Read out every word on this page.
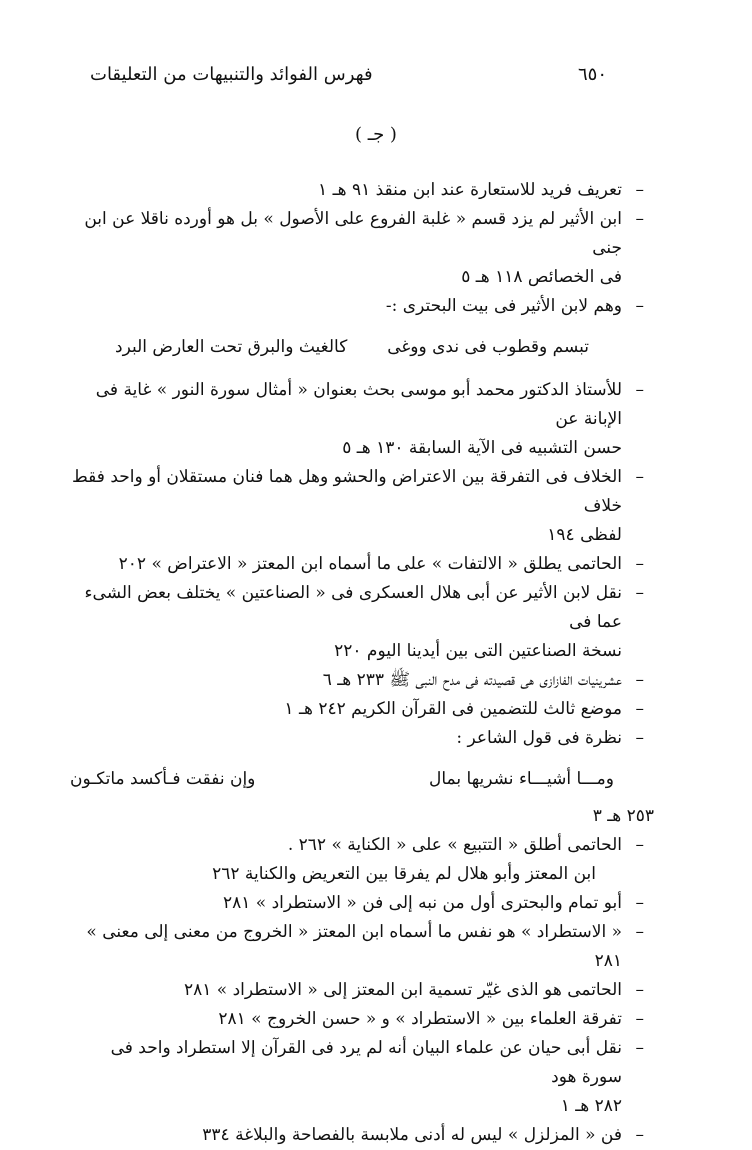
٦٥٠
فهرس الفوائد والتنبيهات من التعليقات
( جـ )

–
تعريف فريد للاستعارة عند ابن منقذ ٩١ هـ ١

–
ابن الأثير لم يزد قسم « غلبة الفروع على الأصول » بل هو أورده ناقلا عن ابن جنى

فى الخصائص ١١٨ هـ ٥

–
وهم لابن الأثير فى بيت البحترى :-

تبسم وقطوب فى ندى ووغى
كالغيث والبرق تحت العارض البرد

–
للأستاذ الدكتور محمد أبو موسى بحث بعنوان « أمثال سورة النور » غاية فى الإبانة عن

حسن التشبيه فى الآية السابقة ١٣٠ هـ ٥

–
الخلاف فى التفرقة بين الاعتراض والحشو وهل هما فنان مستقلان أو واحد فقط خلاف

لفظى ١٩٤

–
الحاتمى يطلق « الالتفات » على ما أسماه ابن المعتز « الاعتراض » ٢٠٢

–
نقل لابن الأثير عن أبى هلال العسكرى فى « الصناعتين » يختلف بعض الشىء عما فى

نسخة الصناعتين التى بين أيدينا اليوم ٢٢٠

–
عشرينيات الفازازى هى قصيدته فى مدح النبى ﷺ ٢٣٣ هـ ٦

–
موضع ثالث للتضمين فى القرآن الكريم ٢٤٢ هـ ١

–
نظرة فى قول الشاعر :

ومـــا أشيـــاء نشريها بمال
وإن نفقت فـأكسد ماتكـون

٢٥٣ هـ ٣

–
الحاتمى أطلق « التتبيع » على « الكناية » ٢٦٢ .

ابن المعتز وأبو هلال لم يفرقا بين التعريض والكناية ٢٦٢

–
أبو تمام والبحترى أول من نبه إلى فن « الاستطراد » ٢٨١

–
« الاستطراد » هو نفس ما أسماه ابن المعتز « الخروج من معنى إلى معنى » ٢٨١

–
الحاتمى هو الذى غيّر تسمية ابن المعتز إلى « الاستطراد » ٢٨١

–
تفرقة العلماء بين « الاستطراد » و « حسن الخروج » ٢٨١

–
نقل أبى حيان عن علماء البيان أنه لم يرد فى القرآن إلا استطراد واحد فى سورة هود

٢٨٢ هـ ١

–
فن « المزلزل » ليس له أدنى ملابسة بالفصاحة والبلاغة ٣٣٤
